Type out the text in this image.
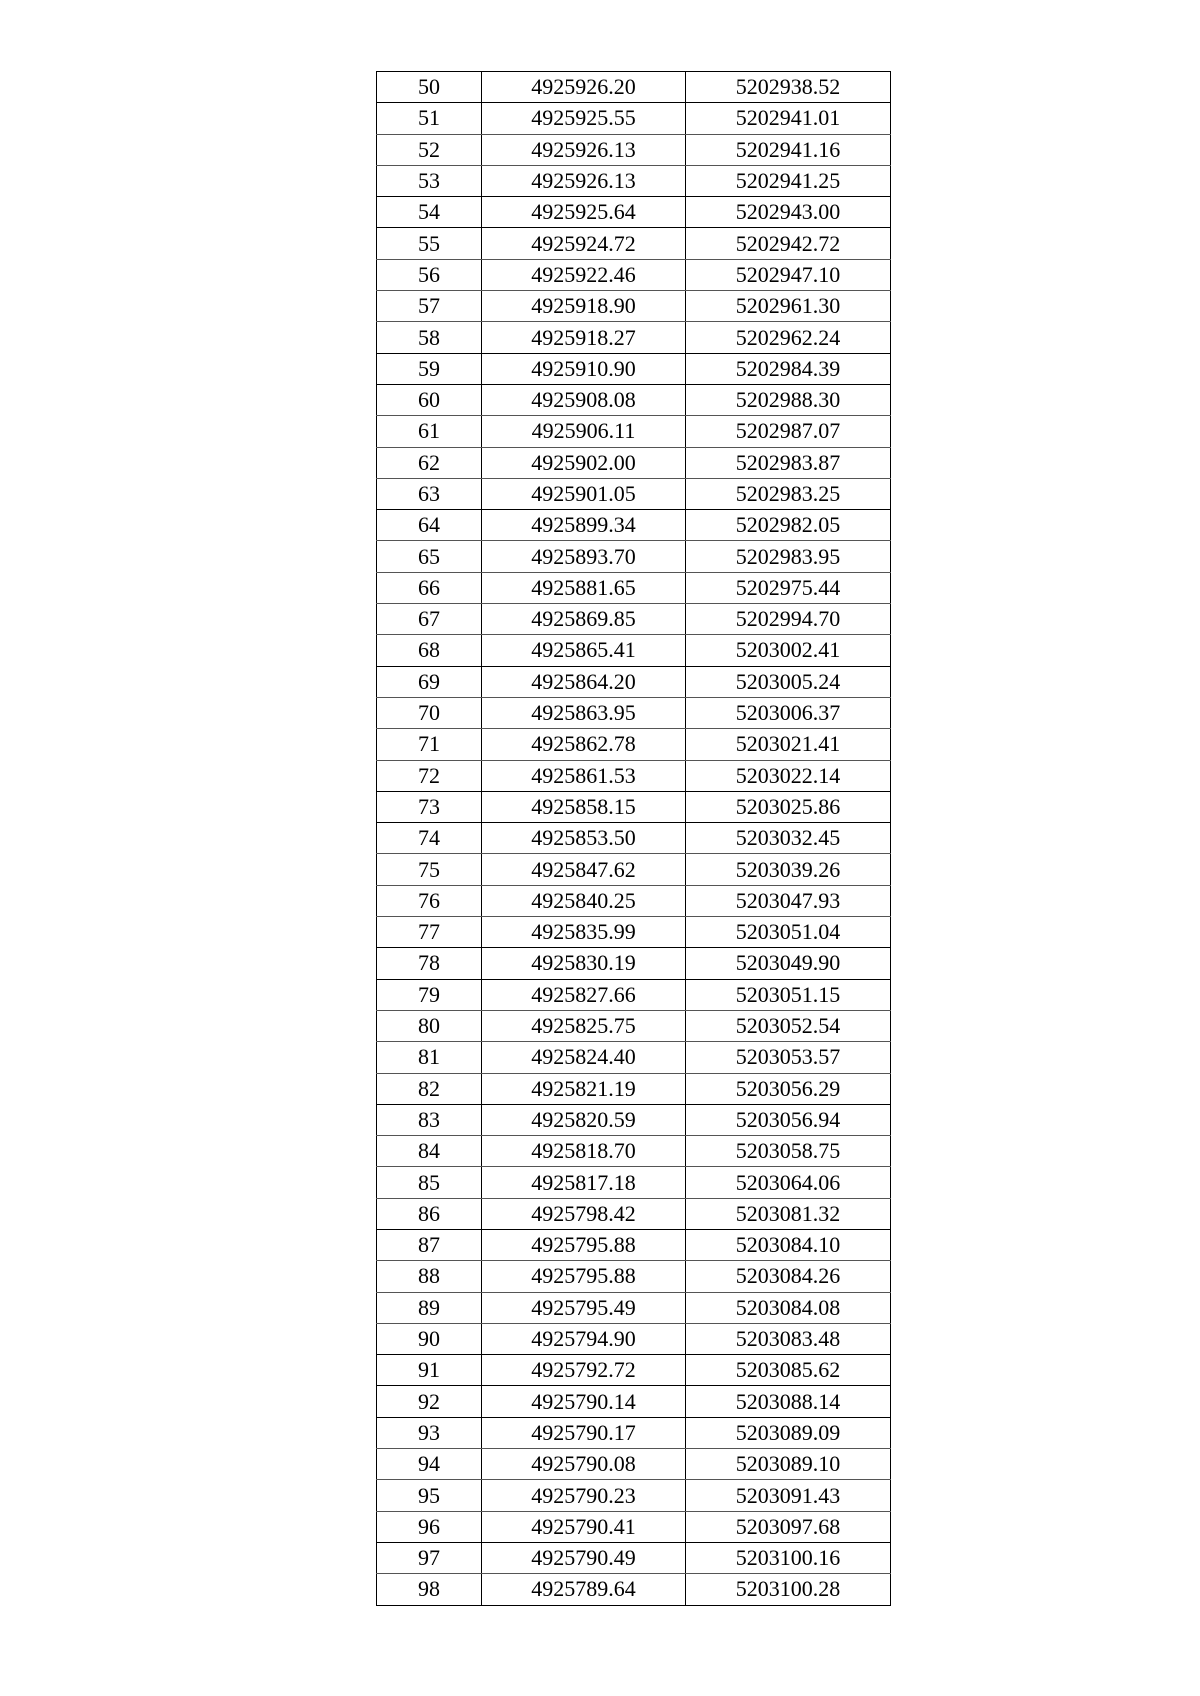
50	4925926.20	5202938.52
51	4925925.55	5202941.01
52	4925926.13	5202941.16
53	4925926.13	5202941.25
54	4925925.64	5202943.00
55	4925924.72	5202942.72
56	4925922.46	5202947.10
57	4925918.90	5202961.30
58	4925918.27	5202962.24
59	4925910.90	5202984.39
60	4925908.08	5202988.30
61	4925906.11	5202987.07
62	4925902.00	5202983.87
63	4925901.05	5202983.25
64	4925899.34	5202982.05
65	4925893.70	5202983.95
66	4925881.65	5202975.44
67	4925869.85	5202994.70
68	4925865.41	5203002.41
69	4925864.20	5203005.24
70	4925863.95	5203006.37
71	4925862.78	5203021.41
72	4925861.53	5203022.14
73	4925858.15	5203025.86
74	4925853.50	5203032.45
75	4925847.62	5203039.26
76	4925840.25	5203047.93
77	4925835.99	5203051.04
78	4925830.19	5203049.90
79	4925827.66	5203051.15
80	4925825.75	5203052.54
81	4925824.40	5203053.57
82	4925821.19	5203056.29
83	4925820.59	5203056.94
84	4925818.70	5203058.75
85	4925817.18	5203064.06
86	4925798.42	5203081.32
87	4925795.88	5203084.10
88	4925795.88	5203084.26
89	4925795.49	5203084.08
90	4925794.90	5203083.48
91	4925792.72	5203085.62
92	4925790.14	5203088.14
93	4925790.17	5203089.09
94	4925790.08	5203089.10
95	4925790.23	5203091.43
96	4925790.41	5203097.68
97	4925790.49	5203100.16
98	4925789.64	5203100.28
